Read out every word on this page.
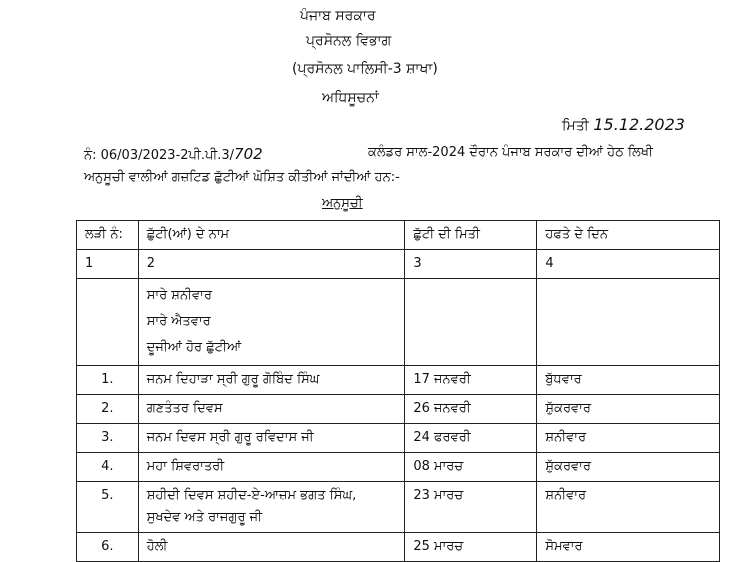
ਪੰਜਾਬ ਸਰਕਾਰ
ਪ੍ਰਸੋਨਲ ਵਿਭਾਗ
(ਪ੍ਰਸੋਨਲ ਪਾਲਿਸੀ-3 ਸ਼ਾਖਾ)
ਅਧਿਸੂਚਨਾਂ
ਮਿਤੀ 15.12.2023
ਨੰ: 06/03/2023-2ਪੀ.ਪੀ.3/702	ਕਲੰਡਰ ਸਾਲ-2024 ਦੌਰਾਨ ਪੰਜਾਬ ਸਰਕਾਰ ਦੀਆਂ ਹੇਠ ਲਿਖੀ
ਅਨੁਸੂਚੀ ਵਾਲੀਆਂ ਗਜ਼ਟਿਡ ਛੁੱਟੀਆਂ ਘੋਸ਼ਿਤ ਕੀਤੀਆਂ ਜਾਂਦੀਆਂ ਹਨ:-
ਅਨੁਸੂਚੀ
ਲੜੀ ਨੰ:	ਛੁੱਟੀ(ਆਂ) ਦੇ ਨਾਮ	ਛੁੱਟੀ ਦੀ ਮਿਤੀ	ਹਫਤੇ ਦੇ ਦਿਨ
1	2	3	4

	ਸਾਰੇ ਸ਼ਨੀਵਾਰ
ਸਾਰੇ ਐਤਵਾਰ
ਦੂਜੀਆਂ ਹੋਰ ਛੁੱਟੀਆਂ		

1.	ਜਨਮ ਦਿਹਾੜਾ ਸ੍ਰੀ ਗੁਰੂ ਗੋਬਿੰਦ ਸਿੰਘ	17 ਜਨਵਰੀ	ਬੁੱਧਵਾਰ
2.	ਗਣਤੰਤਰ ਦਿਵਸ	26 ਜਨਵਰੀ	ਸ਼ੁੱਕਰਵਾਰ
3.	ਜਨਮ ਦਿਵਸ ਸ੍ਰੀ ਗੁਰੂ ਰਵਿਦਾਸ ਜੀ	24 ਫਰਵਰੀ	ਸ਼ਨੀਵਾਰ
4.	ਮਹਾ ਸ਼ਿਵਰਾਤਰੀ	08 ਮਾਰਚ	ਸ਼ੁੱਕਰਵਾਰ
5.	ਸ਼ਹੀਦੀ ਦਿਵਸ ਸ਼ਹੀਦ-ਏ-ਆਜ਼ਮ ਭਗਤ ਸਿੰਘ,
ਸੁਖਦੇਵ ਅਤੇ ਰਾਜਗੁਰੂ ਜੀ	23 ਮਾਰਚ	ਸ਼ਨੀਵਾਰ
6.	ਹੋਲੀ	25 ਮਾਰਚ	ਸੋਮਵਾਰ
